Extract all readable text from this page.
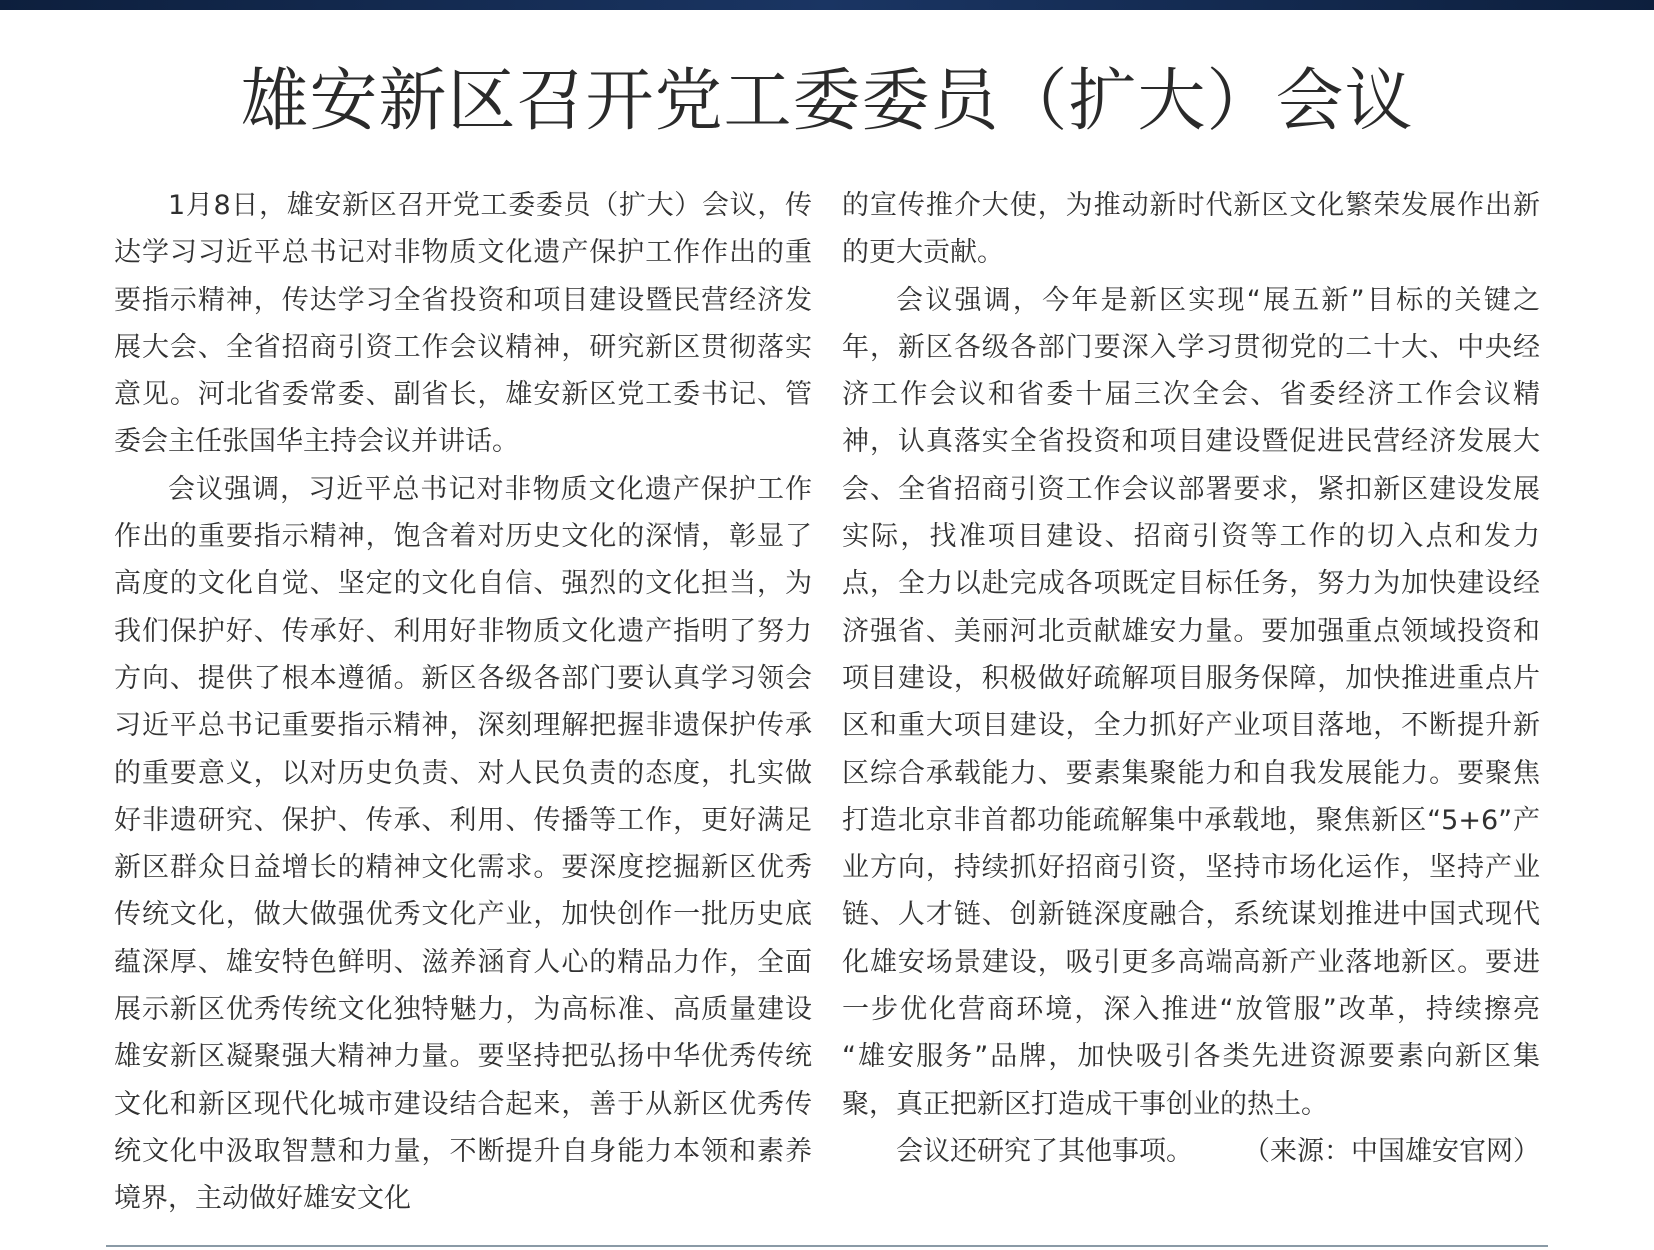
雄安新区召开党工委委员（扩大）会议

1月8日，雄安新区召开党工委委员（扩大）会议，传达学习习近平总书记对非物质文化遗产保护工作作出的重要指示精神，传达学习全省投资和项目建设暨民营经济发展大会、全省招商引资工作会议精神，研究新区贯彻落实意见。河北省委常委、副省长，雄安新区党工委书记、管委会主任张国华主持会议并讲话。

会议强调，习近平总书记对非物质文化遗产保护工作作出的重要指示精神，饱含着对历史文化的深情，彰显了高度的文化自觉、坚定的文化自信、强烈的文化担当，为我们保护好、传承好、利用好非物质文化遗产指明了努力方向、提供了根本遵循。新区各级各部门要认真学习领会习近平总书记重要指示精神，深刻理解把握非遗保护传承的重要意义，以对历史负责、对人民负责的态度，扎实做好非遗研究、保护、传承、利用、传播等工作，更好满足新区群众日益增长的精神文化需求。要深度挖掘新区优秀传统文化，做大做强优秀文化产业，加快创作一批历史底蕴深厚、雄安特色鲜明、滋养涵育人心的精品力作，全面展示新区优秀传统文化独特魅力，为高标准、高质量建设雄安新区凝聚强大精神力量。要坚持把弘扬中华优秀传统文化和新区现代化城市建设结合起来，善于从新区优秀传统文化中汲取智慧和力量，不断提升自身能力本领和素养境界，主动做好雄安文化

的宣传推介大使，为推动新时代新区文化繁荣发展作出新的更大贡献。

会议强调，今年是新区实现“展五新”目标的关键之年，新区各级各部门要深入学习贯彻党的二十大、中央经济工作会议和省委十届三次全会、省委经济工作会议精神，认真落实全省投资和项目建设暨促进民营经济发展大会、全省招商引资工作会议部署要求，紧扣新区建设发展实际，找准项目建设、招商引资等工作的切入点和发力点，全力以赴完成各项既定目标任务，努力为加快建设经济强省、美丽河北贡献雄安力量。要加强重点领域投资和项目建设，积极做好疏解项目服务保障，加快推进重点片区和重大项目建设，全力抓好产业项目落地，不断提升新区综合承载能力、要素集聚能力和自我发展能力。要聚焦打造北京非首都功能疏解集中承载地，聚焦新区“5+6”产业方向，持续抓好招商引资，坚持市场化运作，坚持产业链、人才链、创新链深度融合，系统谋划推进中国式现代化雄安场景建设，吸引更多高端高新产业落地新区。要进一步优化营商环境，深入推进“放管服”改革，持续擦亮 “雄安服务”品牌，加快吸引各类先进资源要素向新区集聚，真正把新区打造成干事创业的热土。

会议还研究了其他事项。 （来源：中国雄安官网）
